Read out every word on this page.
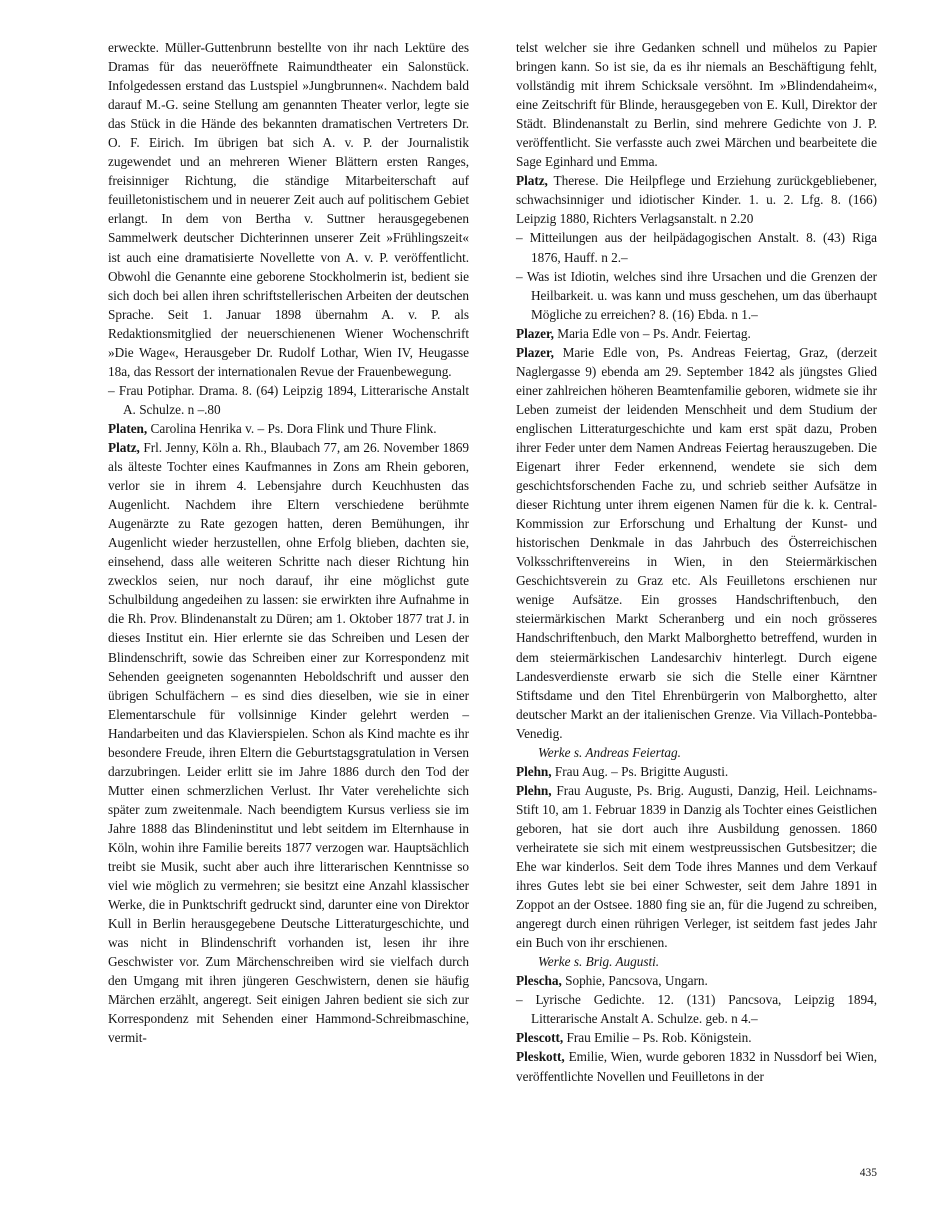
erweckte. Müller-Guttenbrunn bestellte von ihr nach Lektüre des Dramas für das neueröffnete Raimundtheater ein Salonstück. Infolgedessen erstand das Lustspiel »Jungbrunnen«. Nachdem bald darauf M.-G. seine Stellung am genannten Theater verlor, legte sie das Stück in die Hände des bekannten dramatischen Vertreters Dr. O. F. Eirich. Im übrigen bat sich A. v. P. der Journalistik zugewendet und an mehreren Wiener Blättern ersten Ranges, freisinniger Richtung, die ständige Mitarbeiterschaft auf feuilletonistischem und in neuerer Zeit auch auf politischem Gebiet erlangt. In dem von Bertha v. Suttner herausgegebenen Sammelwerk deutscher Dichterinnen unserer Zeit »Frühlingszeit« ist auch eine dramatisierte Novellette von A. v. P. veröffentlicht. Obwohl die Genannte eine geborene Stockholmerin ist, bedient sie sich doch bei allen ihren schriftstellerischen Arbeiten der deutschen Sprache. Seit 1. Januar 1898 übernahm A. v. P. als Redaktionsmitglied der neuerschienenen Wiener Wochenschrift »Die Wage«, Herausgeber Dr. Rudolf Lothar, Wien IV, Heugasse 18a, das Ressort der internationalen Revue der Frauenbewegung.

– Frau Potiphar. Drama. 8. (64) Leipzig 1894, Litterarische Anstalt A. Schulze. n –.80

Platen, Carolina Henrika v. – Ps. Dora Flink und Thure Flink.

Platz, Frl. Jenny, Köln a. Rh., Blaubach 77, am 26. November 1869 als älteste Tochter eines Kaufmannes in Zons am Rhein geboren, verlor sie in ihrem 4. Lebensjahre durch Keuchhusten das Augenlicht. Nachdem ihre Eltern verschiedene berühmte Augenärzte zu Rate gezogen hatten, deren Bemühungen, ihr Augenlicht wieder herzustellen, ohne Erfolg blieben, dachten sie, einsehend, dass alle weiteren Schritte nach dieser Richtung hin zwecklos seien, nur noch darauf, ihr eine möglichst gute Schulbildung angedeihen zu lassen: sie erwirkten ihre Aufnahme in die Rh. Prov. Blindenanstalt zu Düren; am 1. Oktober 1877 trat J. in dieses Institut ein. Hier erlernte sie das Schreiben und Lesen der Blindenschrift, sowie das Schreiben einer zur Korrespondenz mit Sehenden geeigneten sogenannten Heboldschrift und ausser den übrigen Schulfächern – es sind dies dieselben, wie sie in einer Elementarschule für vollsinnige Kinder gelehrt werden – Handarbeiten und das Klavierspielen. Schon als Kind machte es ihr besondere Freude, ihren Eltern die Geburtstagsgratulation in Versen darzubringen. Leider erlitt sie im Jahre 1886 durch den Tod der Mutter einen schmerzlichen Verlust. Ihr Vater verehelichte sich später zum zweitenmale. Nach beendigtem Kursus verliess sie im Jahre 1888 das Blindeninstitut und lebt seitdem im Elternhause in Köln, wohin ihre Familie bereits 1877 verzogen war. Hauptsächlich treibt sie Musik, sucht aber auch ihre litterarischen Kenntnisse so viel wie möglich zu vermehren; sie besitzt eine Anzahl klassischer Werke, die in Punktschrift gedruckt sind, darunter eine von Direktor Kull in Berlin herausgegebene Deutsche Litteraturgeschichte, und was nicht in Blindenschrift vorhanden ist, lesen ihr ihre Geschwister vor. Zum Märchenschreiben wird sie vielfach durch den Umgang mit ihren jüngeren Geschwistern, denen sie häufig Märchen erzählt, angeregt. Seit einigen Jahren bedient sie sich zur Korrespondenz mit Sehenden einer Hammond-Schreibmaschine, vermit-

telst welcher sie ihre Gedanken schnell und mühelos zu Papier bringen kann. So ist sie, da es ihr niemals an Beschäftigung fehlt, vollständig mit ihrem Schicksale versöhnt. Im »Blindendaheim«, eine Zeitschrift für Blinde, herausgegeben von E. Kull, Direktor der Städt. Blindenanstalt zu Berlin, sind mehrere Gedichte von J. P. veröffentlicht. Sie verfasste auch zwei Märchen und bearbeitete die Sage Eginhard und Emma.

Platz, Therese. Die Heilpflege und Erziehung zurückgebliebener, schwachsinniger und idiotischer Kinder. 1. u. 2. Lfg. 8. (166) Leipzig 1880, Richters Verlagsanstalt. n 2.20

– Mitteilungen aus der heilpädagogischen Anstalt. 8. (43) Riga 1876, Hauff. n 2.–

– Was ist Idiotin, welches sind ihre Ursachen und die Grenzen der Heilbarkeit. u. was kann und muss geschehen, um das überhaupt Mögliche zu erreichen? 8. (16) Ebda. n 1.–

Plazer, Maria Edle von – Ps. Andr. Feiertag.

Plazer, Marie Edle von, Ps. Andreas Feiertag, Graz, (derzeit Naglergasse 9) ebenda am 29. September 1842 als jüngstes Glied einer zahlreichen höheren Beamtenfamilie geboren, widmete sie ihr Leben zumeist der leidenden Menschheit und dem Studium der englischen Litteraturgeschichte und kam erst spät dazu, Proben ihrer Feder unter dem Namen Andreas Feiertag herauszugeben. Die Eigenart ihrer Feder erkennend, wendete sie sich dem geschichtsforschenden Fache zu, und schrieb seither Aufsätze in dieser Richtung unter ihrem eigenen Namen für die k. k. Central-Kommission zur Erforschung und Erhaltung der Kunst- und historischen Denkmale in das Jahrbuch des Österreichischen Volksschriftenvereins in Wien, in den Steiermärkischen Geschichtsverein zu Graz etc. Als Feuilletons erschienen nur wenige Aufsätze. Ein grosses Handschriftenbuch, den steiermärkischen Markt Scheranberg und ein noch grösseres Handschriftenbuch, den Markt Malborghetto betreffend, wurden in dem steiermärkischen Landesarchiv hinterlegt. Durch eigene Landesverdienste erwarb sie sich die Stelle einer Kärntner Stiftsdame und den Titel Ehrenbürgerin von Malborghetto, alter deutscher Markt an der italienischen Grenze. Via Villach-Pontebba-Venedig.

Werke s. Andreas Feiertag.

Plehn, Frau Aug. – Ps. Brigitte Augusti.

Plehn, Frau Auguste, Ps. Brig. Augusti, Danzig, Heil. Leichnams-Stift 10, am 1. Februar 1839 in Danzig als Tochter eines Geistlichen geboren, hat sie dort auch ihre Ausbildung genossen. 1860 verheiratete sie sich mit einem westpreussischen Gutsbesitzer; die Ehe war kinderlos. Seit dem Tode ihres Mannes und dem Verkauf ihres Gutes lebt sie bei einer Schwester, seit dem Jahre 1891 in Zoppot an der Ostsee. 1880 fing sie an, für die Jugend zu schreiben, angeregt durch einen rührigen Verleger, ist seitdem fast jedes Jahr ein Buch von ihr erschienen.

Werke s. Brig. Augusti.

Plescha, Sophie, Pancsova, Ungarn.

– Lyrische Gedichte. 12. (131) Pancsova, Leipzig 1894, Litterarische Anstalt A. Schulze. geb. n 4.–

Plescott, Frau Emilie – Ps. Rob. Königstein.

Pleskott, Emilie, Wien, wurde geboren 1832 in Nussdorf bei Wien, veröffentlichte Novellen und Feuilletons in der

435
